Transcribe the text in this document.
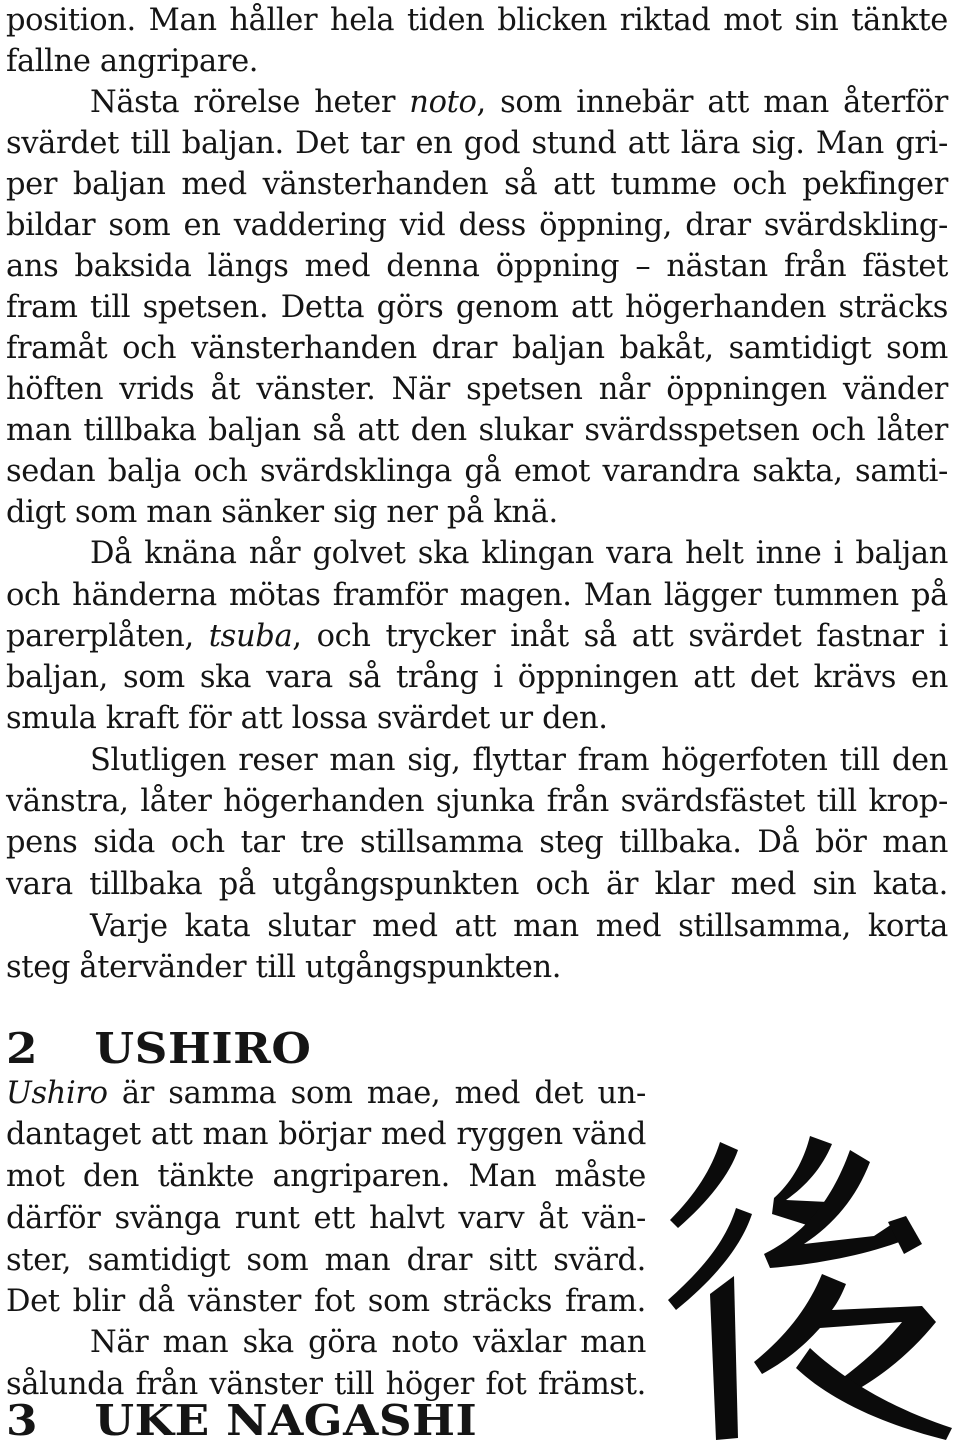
position. Man håller hela tiden blicken riktad mot sin tänkte
fallne angripare.
Nästa rörelse heter noto, som innebär att man återför
svärdet till baljan. Det tar en god stund att lära sig. Man gri-
per baljan med vänsterhanden så att tumme och pekfinger
bildar som en vaddering vid dess öppning, drar svärdskling-
ans baksida längs med denna öppning – nästan från fästet
fram till spetsen. Detta görs genom att högerhanden sträcks
framåt och vänsterhanden drar baljan bakåt, samtidigt som
höften vrids åt vänster. När spetsen når öppningen vänder
man tillbaka baljan så att den slukar svärdsspetsen och låter
sedan balja och svärdsklinga gå emot varandra sakta, samti-
digt som man sänker sig ner på knä.
Då knäna når golvet ska klingan vara helt inne i baljan
och händerna mötas framför magen. Man lägger tummen på
parerplåten, tsuba, och trycker inåt så att svärdet fastnar i
baljan, som ska vara så trång i öppningen att det krävs en
smula kraft för att lossa svärdet ur den.
Slutligen reser man sig, flyttar fram högerfoten till den
vänstra, låter högerhanden sjunka från svärdsfästet till krop-
pens sida och tar tre stillsamma steg tillbaka. Då bör man
vara tillbaka på utgångspunkten och är klar med sin kata.
Varje kata slutar med att man med stillsamma, korta
steg återvänder till utgångspunkten.
2 USHIRO
Ushiro är samma som mae, med det un-
dantaget att man börjar med ryggen vänd
mot den tänkte angriparen. Man måste
därför svänga runt ett halvt varv åt vän-
ster, samtidigt som man drar sitt svärd.
Det blir då vänster fot som sträcks fram.
När man ska göra noto växlar man
sålunda från vänster till höger fot främst.
3 UKE NAGASHI
